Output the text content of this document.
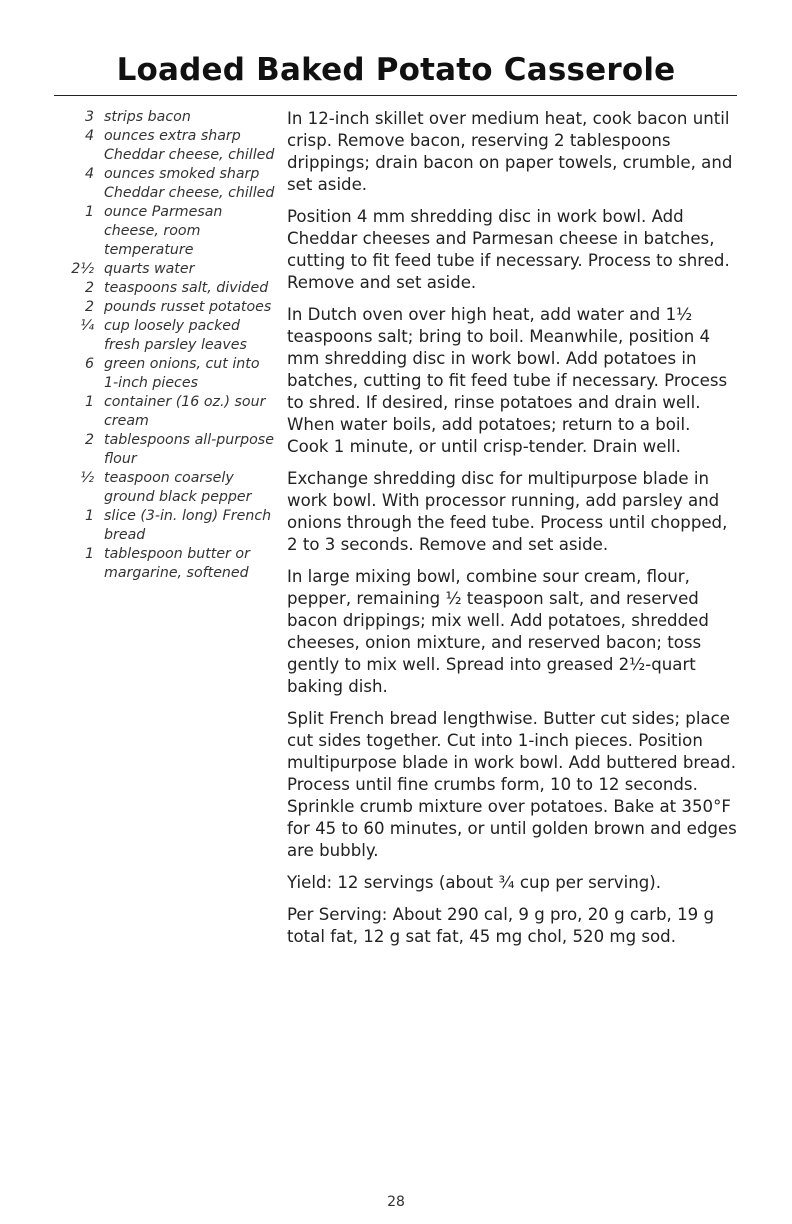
Loaded Baked Potato Casserole
3 strips bacon
4 ounces extra sharp Cheddar cheese, chilled
4 ounces smoked sharp Cheddar cheese, chilled
1 ounce Parmesan cheese, room temperature
2½ quarts water
2 teaspoons salt, divided
2 pounds russet potatoes
¼ cup loosely packed fresh parsley leaves
6 green onions, cut into 1-inch pieces
1 container (16 oz.) sour cream
2 tablespoons all-purpose flour
½ teaspoon coarsely ground black pepper
1 slice (3-in. long) French bread
1 tablespoon butter or margarine, softened

In 12-inch skillet over medium heat, cook bacon until crisp. Remove bacon, reserving 2 tablespoons drippings; drain bacon on paper towels, crumble, and set aside.

Position 4 mm shredding disc in work bowl. Add Cheddar cheeses and Parmesan cheese in batches, cutting to fit feed tube if necessary. Process to shred. Remove and set aside.

In Dutch oven over high heat, add water and 1½ teaspoons salt; bring to boil. Meanwhile, position 4 mm shredding disc in work bowl. Add potatoes in batches, cutting to fit feed tube if necessary. Process to shred. If desired, rinse potatoes and drain well. When water boils, add potatoes; return to a boil. Cook 1 minute, or until crisp-tender. Drain well.

Exchange shredding disc for multipurpose blade in work bowl. With processor running, add parsley and onions through the feed tube. Process until chopped, 2 to 3 seconds. Remove and set aside.

In large mixing bowl, combine sour cream, flour, pepper, remaining ½ teaspoon salt, and reserved bacon drippings; mix well. Add potatoes, shredded cheeses, onion mixture, and reserved bacon; toss gently to mix well. Spread into greased 2½-quart baking dish.

Split French bread lengthwise. Butter cut sides; place cut sides together. Cut into 1-inch pieces. Position multipurpose blade in work bowl. Add buttered bread. Process until fine crumbs form, 10 to 12 seconds. Sprinkle crumb mixture over potatoes. Bake at 350°F for 45 to 60 minutes, or until golden brown and edges are bubbly.

Yield: 12 servings (about ¾ cup per serving).

Per Serving: About 290 cal, 9 g pro, 20 g carb, 19 g total fat, 12 g sat fat, 45 mg chol, 520 mg sod.

28
